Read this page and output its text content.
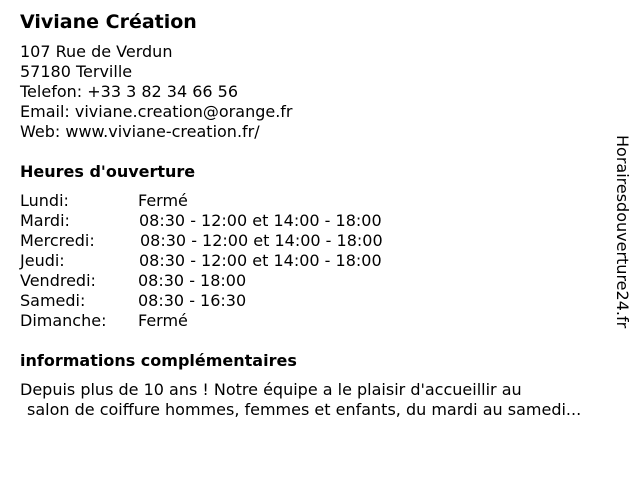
Viviane Création
107 Rue de Verdun
57180 Terville
Telefon: +33 3 82 34 66 56
Email: viviane.creation@orange.fr
Web: www.viviane-creation.fr/
Heures d'ouverture
Lundi:	Fermé
Mardi:	08:30 - 12:00 et 14:00 - 18:00
Mercredi:	08:30 - 12:00 et 14:00 - 18:00
Jeudi:	08:30 - 12:00 et 14:00 - 18:00
Vendredi:	08:30 - 18:00
Samedi:	08:30 - 16:30
Dimanche: Fermé
informations complémentaires
Depuis plus de 10 ans ! Notre équipe a le plaisir d'accueillir au
salon de coiffure hommes, femmes et enfants, du mardi au samedi...
Horairesdouverture24.fr
